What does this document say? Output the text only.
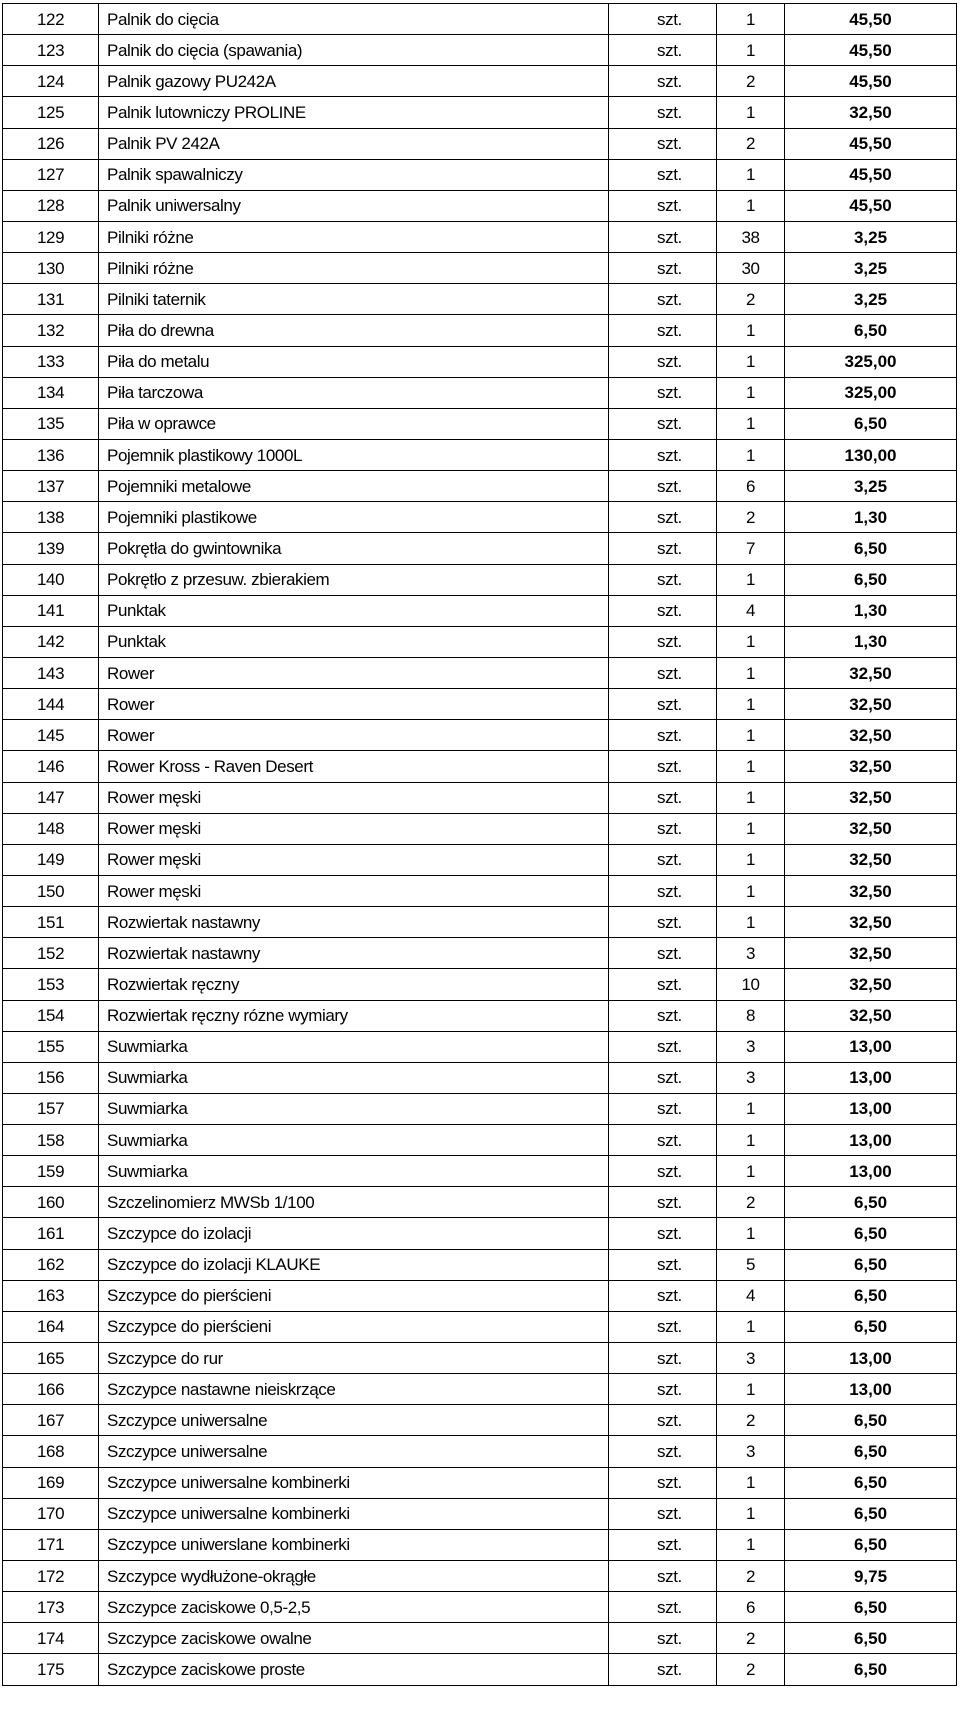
122	Palnik do cięcia	szt.	1	45,50
123	Palnik do cięcia (spawania)	szt.	1	45,50
124	Palnik gazowy PU242A	szt.	2	45,50
125	Palnik lutowniczy PROLINE	szt.	1	32,50
126	Palnik PV 242A	szt.	2	45,50
127	Palnik spawalniczy	szt.	1	45,50
128	Palnik uniwersalny	szt.	1	45,50
129	Pilniki różne	szt.	38	3,25
130	Pilniki różne	szt.	30	3,25
131	Pilniki taternik	szt.	2	3,25
132	Piła do drewna	szt.	1	6,50
133	Piła do metalu	szt.	1	325,00
134	Piła tarczowa	szt.	1	325,00
135	Piła w oprawce	szt.	1	6,50
136	Pojemnik plastikowy 1000L	szt.	1	130,00
137	Pojemniki metalowe	szt.	6	3,25
138	Pojemniki plastikowe	szt.	2	1,30
139	Pokrętła do gwintownika	szt.	7	6,50
140	Pokrętło z przesuw. zbierakiem	szt.	1	6,50
141	Punktak	szt.	4	1,30
142	Punktak	szt.	1	1,30
143	Rower	szt.	1	32,50
144	Rower	szt.	1	32,50
145	Rower	szt.	1	32,50
146	Rower Kross - Raven Desert	szt.	1	32,50
147	Rower męski	szt.	1	32,50
148	Rower męski	szt.	1	32,50
149	Rower męski	szt.	1	32,50
150	Rower męski	szt.	1	32,50
151	Rozwiertak nastawny	szt.	1	32,50
152	Rozwiertak nastawny	szt.	3	32,50
153	Rozwiertak ręczny	szt.	10	32,50
154	Rozwiertak ręczny rózne wymiary	szt.	8	32,50
155	Suwmiarka	szt.	3	13,00
156	Suwmiarka	szt.	3	13,00
157	Suwmiarka	szt.	1	13,00
158	Suwmiarka	szt.	1	13,00
159	Suwmiarka	szt.	1	13,00
160	Szczelinomierz MWSb 1/100	szt.	2	6,50
161	Szczypce do izolacji	szt.	1	6,50
162	Szczypce do izolacji KLAUKE	szt.	5	6,50
163	Szczypce do pierścieni	szt.	4	6,50
164	Szczypce do pierścieni	szt.	1	6,50
165	Szczypce do rur	szt.	3	13,00
166	Szczypce nastawne nieiskrzące	szt.	1	13,00
167	Szczypce uniwersalne	szt.	2	6,50
168	Szczypce uniwersalne	szt.	3	6,50
169	Szczypce uniwersalne kombinerki	szt.	1	6,50
170	Szczypce uniwersalne kombinerki	szt.	1	6,50
171	Szczypce uniwerslane kombinerki	szt.	1	6,50
172	Szczypce wydłużone-okrągłe	szt.	2	9,75
173	Szczypce zaciskowe 0,5-2,5	szt.	6	6,50
174	Szczypce zaciskowe owalne	szt.	2	6,50
175	Szczypce zaciskowe proste	szt.	2	6,50
